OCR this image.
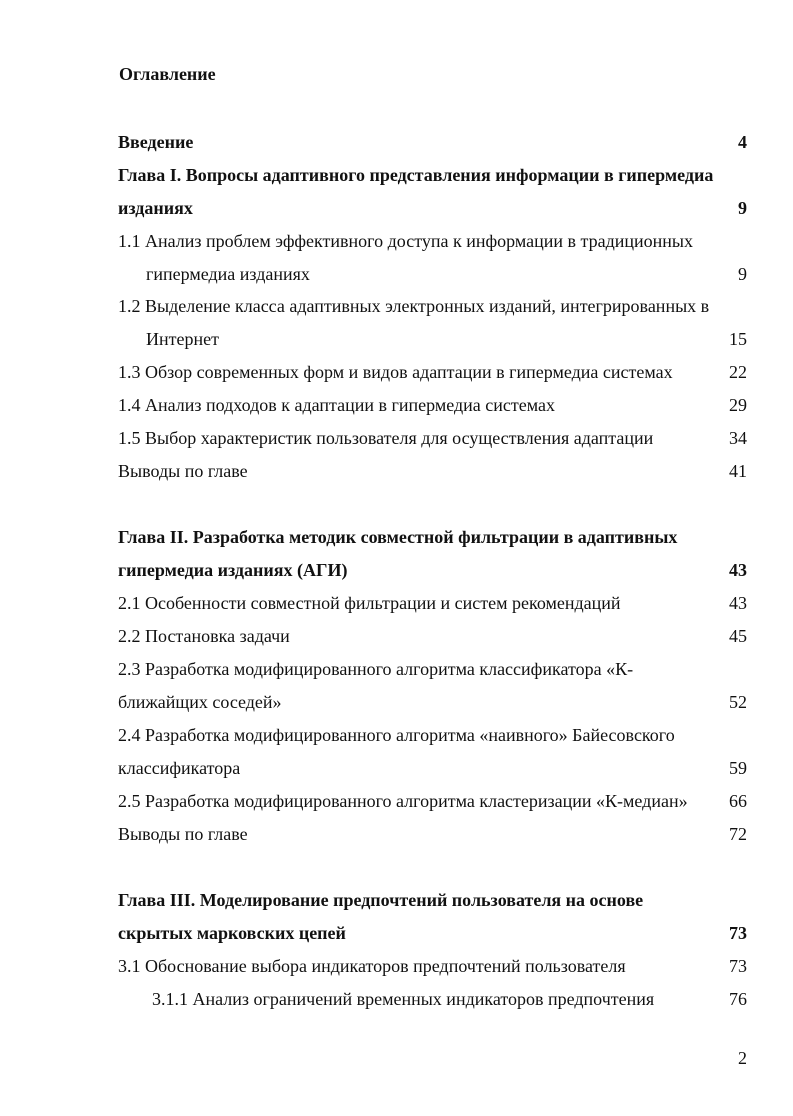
Оглавление
Введение	4
Глава I. Вопросы адаптивного представления информации в гипермедиа
изданиях	9
1.1 Анализ проблем эффективного доступа к информации в традиционных
гипермедиа изданиях	9
1.2 Выделение класса адаптивных электронных изданий, интегрированных в
Интернет	15
1.3 Обзор современных форм и видов адаптации в гипермедиа системах	22
1.4 Анализ подходов к адаптации в гипермедиа системах	29
1.5 Выбор характеристик пользователя для осуществления адаптации	34
Выводы по главе	41
Глава II. Разработка методик совместной фильтрации в адаптивных
гипермедиа изданиях (АГИ)	43
2.1 Особенности совместной фильтрации и систем рекомендаций	43
2.2 Постановка задачи	45
2.3 Разработка модифицированного алгоритма классификатора «К-
ближайщих соседей»	52
2.4 Разработка модифицированного алгоритма «наивного» Байесовского
классификатора	59
2.5 Разработка модифицированного алгоритма кластеризации «К-медиан» 66
Выводы по главе	72
Глава III. Моделирование предпочтений пользователя на основе
скрытых марковских цепей	73
3.1 Обоснование выбора индикаторов предпочтений пользователя	73
3.1.1 Анализ ограничений временных индикаторов предпочтения	76
2
